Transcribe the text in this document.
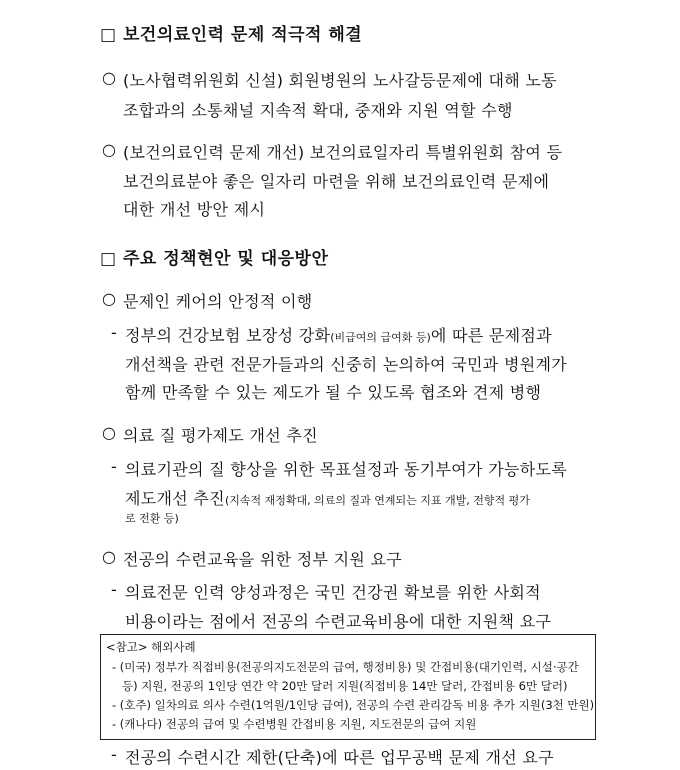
□ 보건의료인력 문제 적극적 해결
○ (노사협력위원회 신설) 회원병원의 노사갈등문제에 대해 노동
조합과의 소통채널 지속적 확대, 중재와 지원 역할 수행
○ (보건의료인력 문제 개선) 보건의료일자리 특별위원회 참여 등
보건의료분야 좋은 일자리 마련을 위해 보건의료인력 문제에
대한 개선 방안 제시
□ 주요 정책현안 및 대응방안
○ 문제인 케어의 안정적 이행
- 정부의 건강보험 보장성 강화(비급여의 급여화 등)에 따른 문제점과
개선책을 관련 전문가들과의 신중히 논의하여 국민과 병원계가
함께 만족할 수 있는 제도가 될 수 있도록 협조와 견제 병행
○ 의료 질 평가제도 개선 추진
- 의료기관의 질 향상을 위한 목표설정과 동기부여가 가능하도록
제도개선 추진(지속적 재정확대, 의료의 질과 연계되는 지표 개발, 전향적 평가
로 전환 등)
○ 전공의 수련교육을 위한 정부 지원 요구
- 의료전문 인력 양성과정은 국민 건강권 확보를 위한 사회적
비용이라는 점에서 전공의 수련교육비용에 대한 지원책 요구
<참고> 해외사례
- (미국) 정부가 직접비용(전공의지도전문의 급여, 행정비용) 및 간접비용(대기인력, 시설·공간
등) 지원, 전공의 1인당 연간 약 20만 달러 지원(직접비용 14만 달러, 간접비용 6만 달러)
- (호주) 일차의료 의사 수련(1억원/1인당 급여), 전공의 수련 관리감독 비용 추가 지원(3천 만원)
- (캐나다) 전공의 급여 및 수련병원 간접비용 지원, 지도전문의 급여 지원
- 전공의 수련시간 제한(단축)에 따른 업무공백 문제 개선 요구
